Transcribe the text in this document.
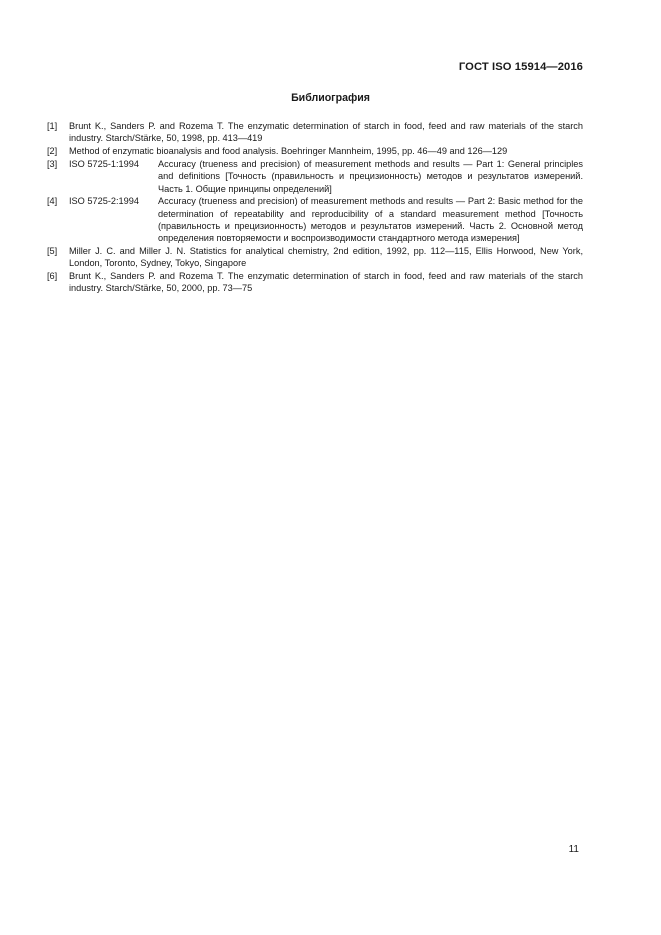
ГОСТ ISO 15914—2016
Библиография
[1]	Brunt K., Sanders P. and Rozema T. The enzymatic determination of starch in food, feed and raw materials of the starch industry. Starch/Stärke, 50, 1998, pp. 413—419
[2]	Method of enzymatic bioanalysis and food analysis. Boehringer Mannheim, 1995, pp. 46—49 and 126—129
[3]	ISO 5725-1:1994	Accuracy (trueness and precision) of measurement methods and results — Part 1: General principles and definitions [Точность (правильность и прецизионность) методов и результатов измерений. Часть 1. Общие принципы определений]
[4]	ISO 5725-2:1994	Accuracy (trueness and precision) of measurement methods and results — Part 2: Basic method for the determination of repeatability and reproducibility of a standard measurement method [Точность (правильность и прецизионность) методов и результатов измерений. Часть 2. Основной метод определения повторяемости и воспроизводимости стандартного метода измерения]
[5]	Miller J. C. and Miller J. N. Statistics for analytical chemistry, 2nd edition, 1992, pp. 112—115, Ellis Horwood, New York, London, Toronto, Sydney, Tokyo, Singapore
[6]	Brunt K., Sanders P. and Rozema T. The enzymatic determination of starch in food, feed and raw materials of the starch industry. Starch/Stärke, 50, 2000, pp. 73—75
11
